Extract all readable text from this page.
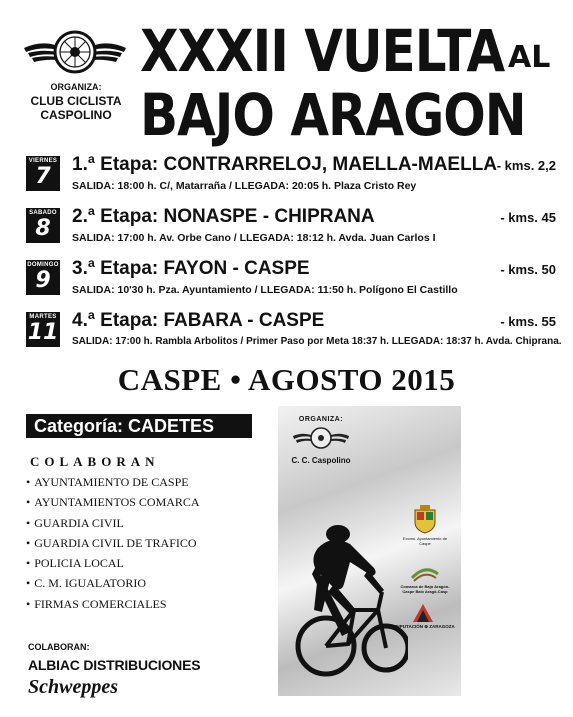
ORGANIZA:
CLUB CICLISTA
CASPOLINO
XXXII VUELTA AL
BAJO ARAGON
VIERNES
7	1.ª Etapa: CONTRARRELOJ, MAELLA-MAELLA - kms. 2,2
SALIDA: 18:00 h. C/, Matarraña / LLEGADA: 20:05 h. Plaza Cristo Rey
SABADO
8	2.ª Etapa: NONASPE - CHIPRANA	- kms. 45
SALIDA: 17:00 h. Av. Orbe Cano / LLEGADA: 18:12 h. Avda. Juan Carlos I
DOMINGO
9	3.ª Etapa: FAYON - CASPE	- kms. 50
SALIDA: 10'30 h. Pza. Ayuntamiento / LLEGADA: 11:50 h. Polígono El Castillo
MARTES
11 4.ª Etapa: FABARA - CASPE	- kms. 55
SALIDA: 17:00 h. Rambla Arbolitos / Primer Paso por Meta 18:37 h. LLEGADA: 18:37 h. Avda. Chiprana.
CASPE • AGOSTO 2015
Categoría: CADETES
COLABORAN
• AYUNTAMIENTO DE CASPE
• AYUNTAMIENTOS COMARCA
• GUARDIA CIVIL
• GUARDIA CIVIL DE TRAFICO
• POLICIA LOCAL
• C. M. IGUALATORIO
• FIRMAS COMERCIALES
COLABORAN:
ALBIAC DISTRIBUCIONES
Schweppes
ORGANIZA:
C. C. Caspolino
Excmo. Ayuntamiento de Caspe
Comarca de Bajo Aragón-Caspe Baix Aragó-Casp
DIPUTACIÓN ⊕ ZARAGOZA
